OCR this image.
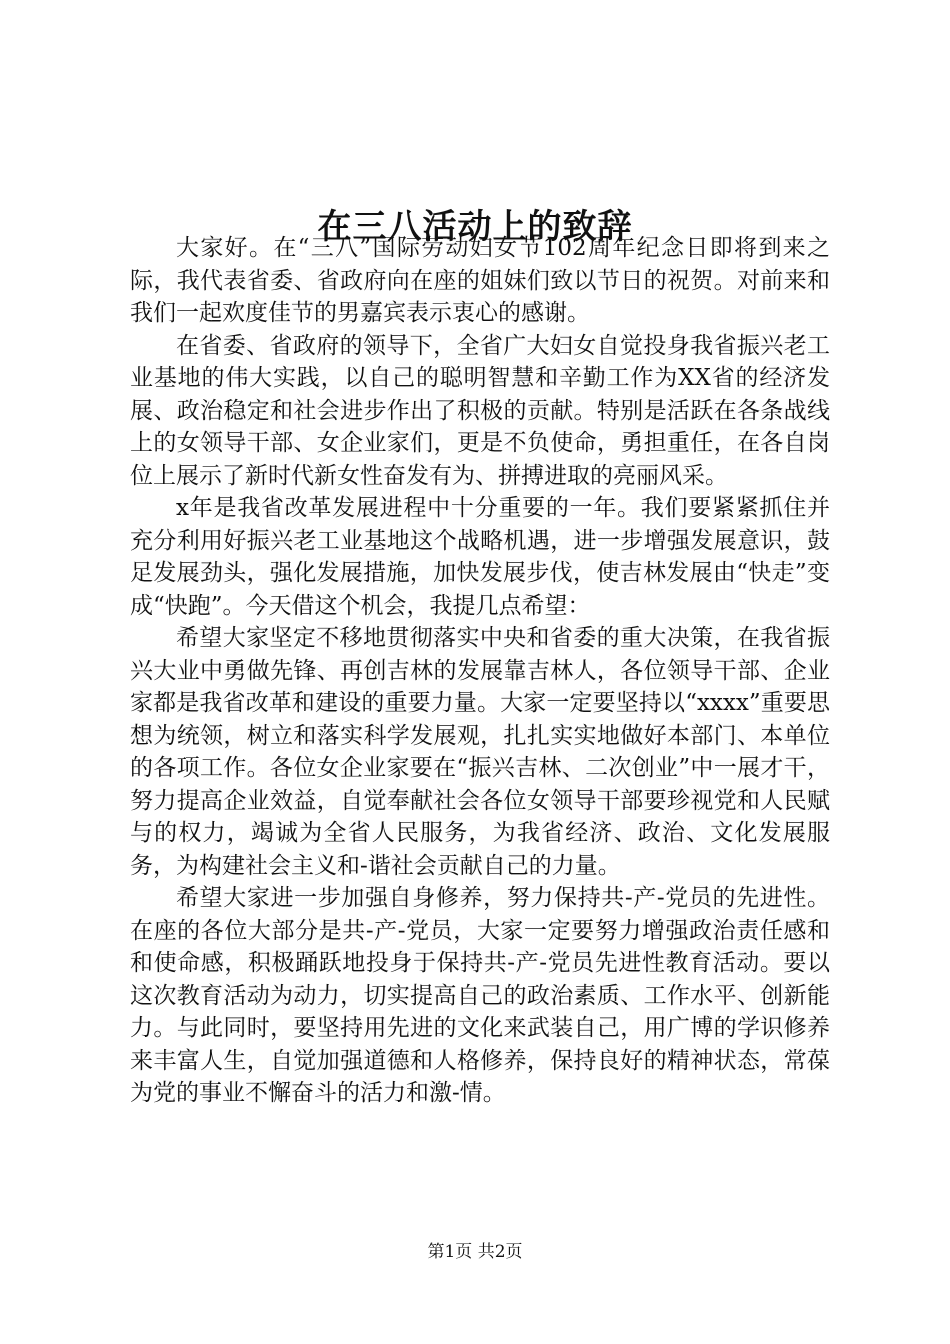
在三八活动上的致辞

大家好。在“三八”国际劳动妇女节102周年纪念日即将到来之际，我代表省委、省政府向在座的姐妹们致以节日的祝贺。对前来和我们一起欢度佳节的男嘉宾表示衷心的感谢。

在省委、省政府的领导下，全省广大妇女自觉投身我省振兴老工业基地的伟大实践，以自己的聪明智慧和辛勤工作为XX省的经济发展、政治稳定和社会进步作出了积极的贡献。特别是活跃在各条战线上的女领导干部、女企业家们，更是不负使命，勇担重任，在各自岗位上展示了新时代新女性奋发有为、拼搏进取的亮丽风采。

x年是我省改革发展进程中十分重要的一年。我们要紧紧抓住并充分利用好振兴老工业基地这个战略机遇，进一步增强发展意识，鼓足发展劲头，强化发展措施，加快发展步伐，使吉林发展由“快走”变成“快跑”。今天借这个机会，我提几点希望：

希望大家坚定不移地贯彻落实中央和省委的重大决策，在我省振兴大业中勇做先锋、再创吉林的发展靠吉林人，各位领导干部、企业家都是我省改革和建设的重要力量。大家一定要坚持以“xxxx”重要思想为统领，树立和落实科学发展观，扎扎实实地做好本部门、本单位的各项工作。各位女企业家要在“振兴吉林、二次创业”中一展才干，努力提高企业效益，自觉奉献社会各位女领导干部要珍视党和人民赋与的权力，竭诚为全省人民服务，为我省经济、政治、文化发展服务，为构建社会主义和-谐社会贡献自己的力量。

希望大家进一步加强自身修养，努力保持共-产-党员的先进性。在座的各位大部分是共-产-党员，大家一定要努力增强政治责任感和和使命感，积极踊跃地投身于保持共-产-党员先进性教育活动。要以这次教育活动为动力，切实提高自己的政治素质、工作水平、创新能力。与此同时，要坚持用先进的文化来武装自己，用广博的学识修养来丰富人生，自觉加强道德和人格修养，保持良好的精神状态，常葆为党的事业不懈奋斗的活力和激-情。

第1页 共2页
